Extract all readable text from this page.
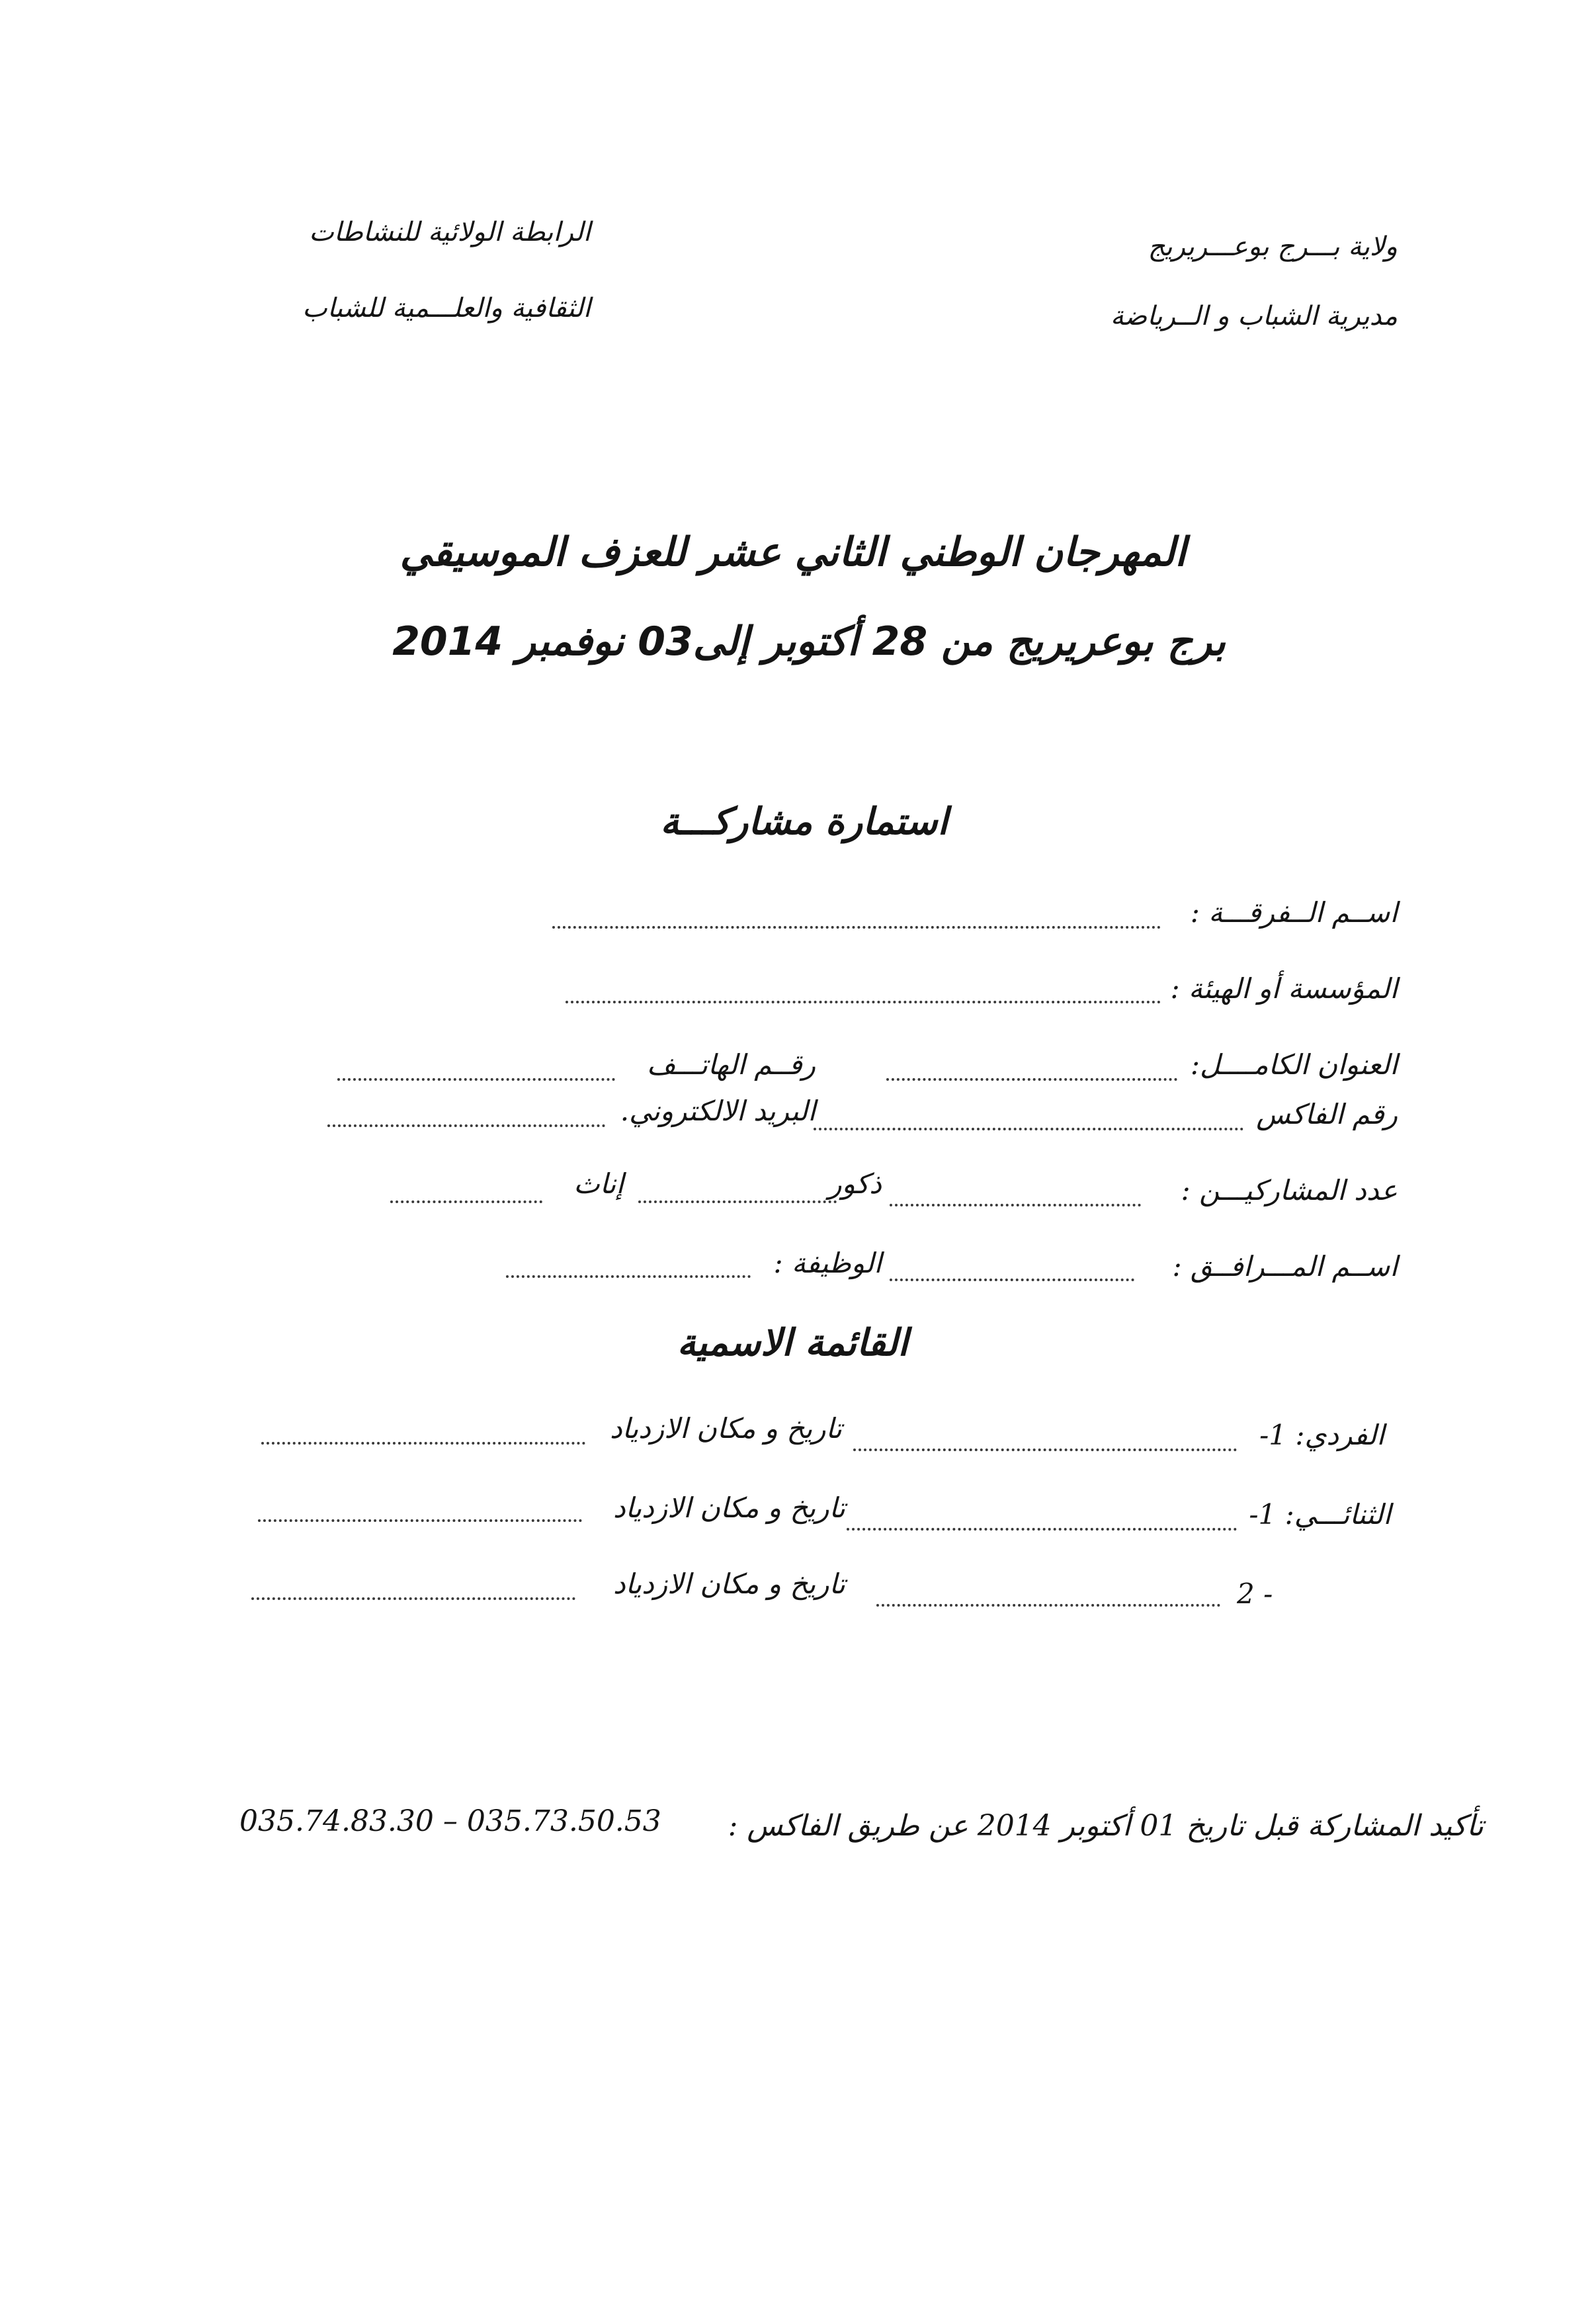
ولاية بـــرج بوعـــريريج
مديرية الشباب و الــرياضة
الرابطة الولائية للنشاطات
الثقافية والعلـــمية للشباب
المهرجان الوطني الثاني عشر للعزف الموسيقي
برج بوعريريج من 28 أكتوبر إلى03 نوفمبر 2014
استمارة مشاركـــة
اســم الــفرقـــة :
المؤسسة أو الهيئة :
العنوان الكامــــل:
رقــم الهاتـــف
رقم الفاكس
البريد الالكتروني.
عدد المشاركيـــن :
ذكور
إناث
اســم المـــرافــق :
الوظيفة :
القائمة الاسمية
الفردي: 1-
تاريخ و مكان الازدياد
الثنائـــي: 1-
تاريخ و مكان الازدياد
2 -
تاريخ و مكان الازدياد
تأكيد المشاركة قبل تاريخ 01 أكتوبر 2014 عن طريق الفاكس :
035.74.83.30 – 035.73.50.53
